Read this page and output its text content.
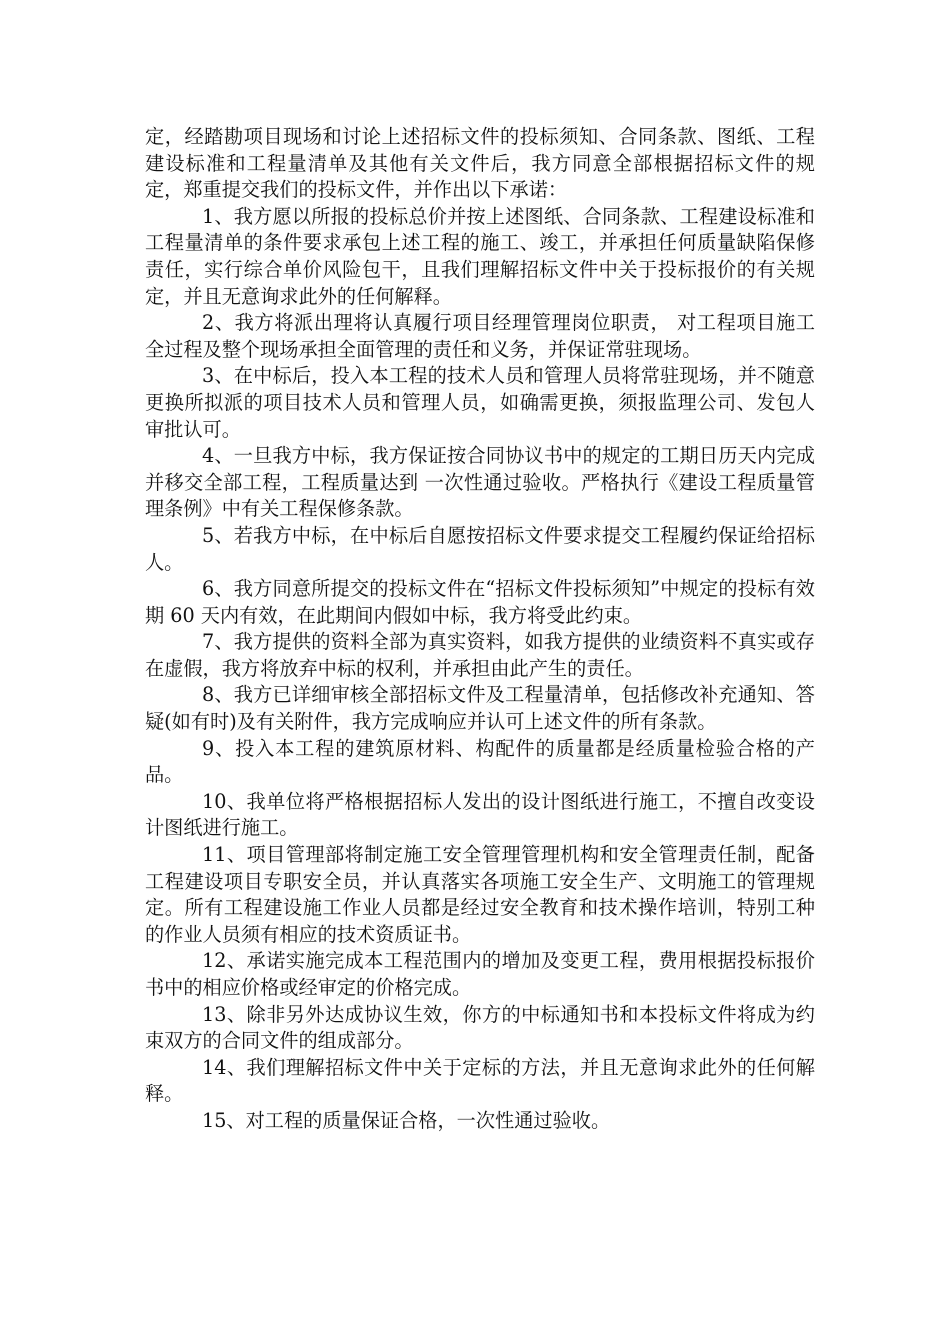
定，经踏勘项目现场和讨论上述招标文件的投标须知、合同条款、图纸、工程建设标准和工程量清单及其他有关文件后，我方同意全部根据招标文件的规定，郑重提交我们的投标文件，并作出以下承诺：

1、我方愿以所报的投标总价并按上述图纸、合同条款、工程建设标准和工程量清单的条件要求承包上述工程的施工、竣工，并承担任何质量缺陷保修责任，实行综合单价风险包干，且我们理解招标文件中关于投标报价的有关规定，并且无意询求此外的任何解释。

2、我方将派出理将认真履行项目经理管理岗位职责， 对工程项目施工全过程及整个现场承担全面管理的责任和义务，并保证常驻现场。

3、在中标后，投入本工程的技术人员和管理人员将常驻现场，并不随意更换所拟派的项目技术人员和管理人员，如确需更换，须报监理公司、发包人审批认可。

4、一旦我方中标，我方保证按合同协议书中的规定的工期日历天内完成并移交全部工程，工程质量达到 一次性通过验收。严格执行《建设工程质量管理条例》中有关工程保修条款。

5、若我方中标，在中标后自愿按招标文件要求提交工程履约保证给招标人。

6、我方同意所提交的投标文件在“招标文件投标须知”中规定的投标有效期 60 天内有效，在此期间内假如中标，我方将受此约束。

7、我方提供的资料全部为真实资料，如我方提供的业绩资料不真实或存在虚假，我方将放弃中标的权利，并承担由此产生的责任。

8、我方已详细审核全部招标文件及工程量清单，包括修改补充通知、答疑(如有时)及有关附件，我方完成响应并认可上述文件的所有条款。

9、投入本工程的建筑原材料、构配件的质量都是经质量检验合格的产品。

10、我单位将严格根据招标人发出的设计图纸进行施工，不擅自改变设计图纸进行施工。

11、项目管理部将制定施工安全管理管理机构和安全管理责任制，配备工程建设项目专职安全员，并认真落实各项施工安全生产、文明施工的管理规定。所有工程建设施工作业人员都是经过安全教育和技术操作培训，特别工种的作业人员须有相应的技术资质证书。

12、承诺实施完成本工程范围内的增加及变更工程，费用根据投标报价书中的相应价格或经审定的价格完成。

13、除非另外达成协议生效，你方的中标通知书和本投标文件将成为约束双方的合同文件的组成部分。

14、我们理解招标文件中关于定标的方法，并且无意询求此外的任何解释。

15、对工程的质量保证合格，一次性通过验收。
